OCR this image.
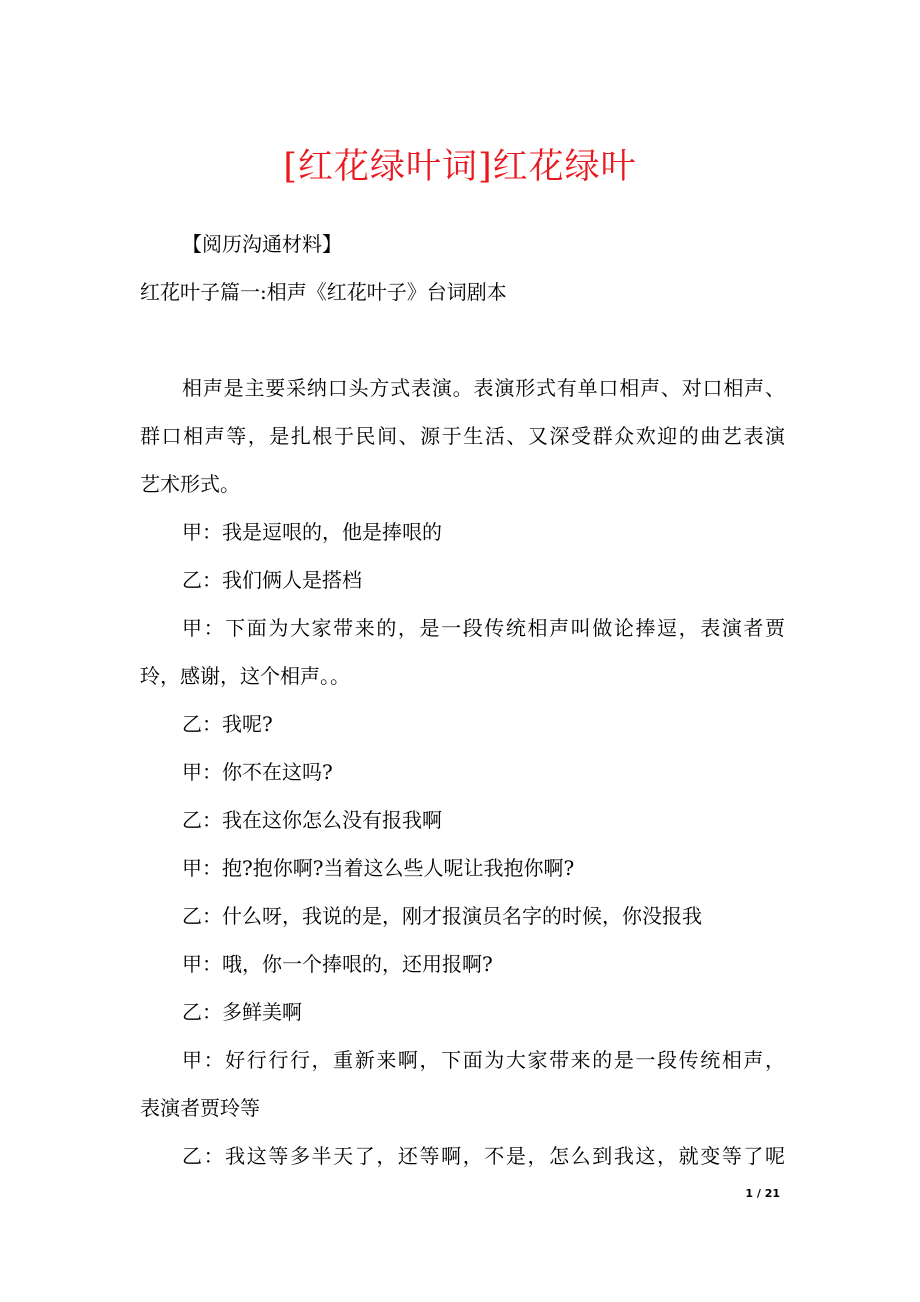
[红花绿叶词]红花绿叶
【阅历沟通材料】
红花叶子篇一:相声《红花叶子》台词剧本
相声是主要采纳口头方式表演。表演形式有单口相声、对口相声、
群口相声等，是扎根于民间、源于生活、又深受群众欢迎的曲艺表演
艺术形式。
甲：我是逗哏的，他是捧哏的
乙：我们俩人是搭档
甲：下面为大家带来的，是一段传统相声叫做论捧逗，表演者贾
玲，感谢，这个相声。。
乙：我呢?
甲：你不在这吗?
乙：我在这你怎么没有报我啊
甲：抱?抱你啊?当着这么些人呢让我抱你啊?
乙：什么呀，我说的是，刚才报演员名字的时候，你没报我
甲：哦，你一个捧哏的，还用报啊?
乙：多鲜美啊
甲：好行行行，重新来啊，下面为大家带来的是一段传统相声，
表演者贾玲等
乙：我这等多半天了，还等啊，不是，怎么到我这，就变等了呢
1 / 21
